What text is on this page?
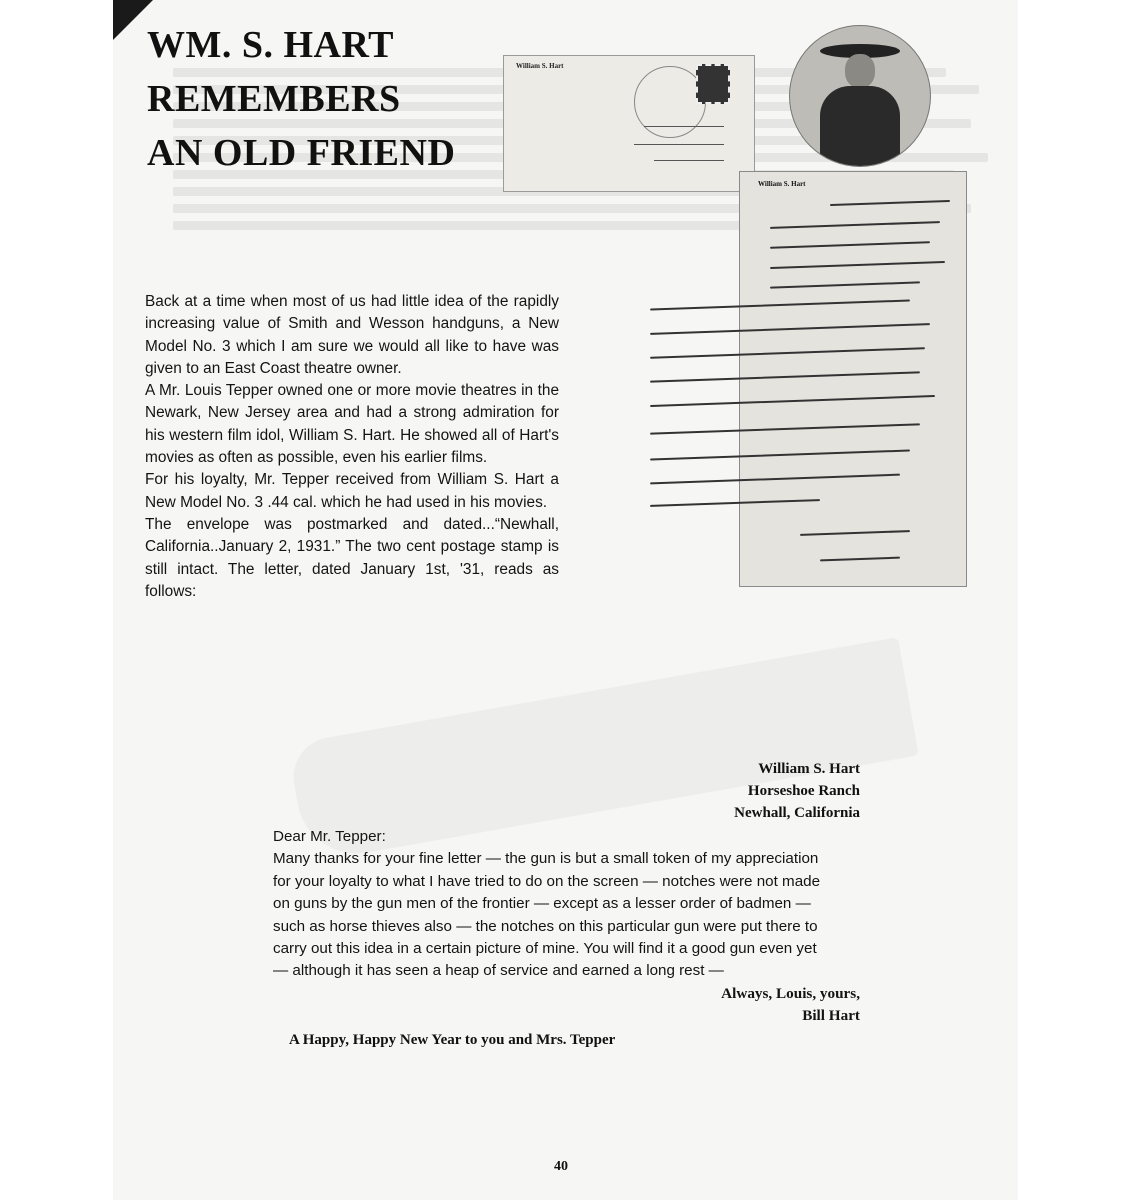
WM. S. HART
REMEMBERS
AN OLD FRIEND

Back at a time when most of us had little idea of the rapidly increasing value of Smith and Wesson handguns, a New Model No. 3 which I am sure we would all like to have was given to an East Coast theatre owner.

A Mr. Louis Tepper owned one or more movie theatres in the Newark, New Jersey area and had a strong admiration for his western film idol, William S. Hart. He showed all of Hart's movies as often as possible, even his earlier films.

For his loyalty, Mr. Tepper received from William S. Hart a New Model No. 3 .44 cal. which he had used in his movies.

The envelope was postmarked and dated...“Newhall, California..January 2, 1931.” The two cent postage stamp is still intact. The letter, dated January 1st, '31, reads as follows:

William S. Hart
William S. Hart
William S. Hart
Horseshoe Ranch
Newhall, California

Dear Mr. Tepper:

Many thanks for your fine letter — the gun is but a small token of my appreciation

for your loyalty to what I have tried to do on the screen — notches were not made

on guns by the gun men of the frontier — except as a lesser order of badmen —

such as horse thieves also — the notches on this particular gun were put there to

carry out this idea in a certain picture of mine. You will find it a good gun even yet

— although it has seen a heap of service and earned a long rest —

Always, Louis, yours,

Bill Hart

A Happy, Happy New Year to you and Mrs. Tepper
40
